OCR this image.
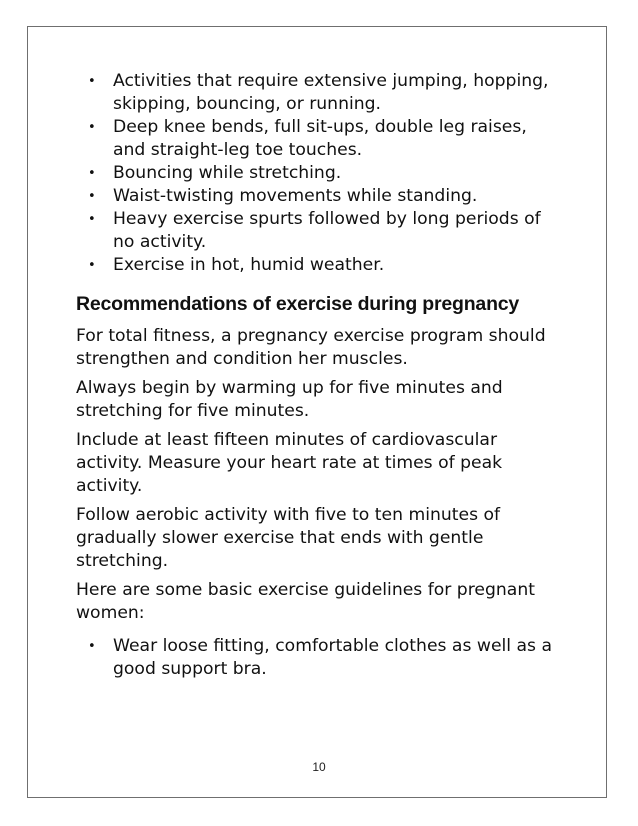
• Activities that require extensive jumping, hopping, skipping, bouncing, or running.
• Deep knee bends, full sit-ups, double leg raises, and straight-leg toe touches.
• Bouncing while stretching.
• Waist-twisting movements while standing.
• Heavy exercise spurts followed by long periods of no activity.
• Exercise in hot, humid weather.
Recommendations of exercise during pregnancy

For total fitness, a pregnancy exercise program should strengthen and condition her muscles.

Always begin by warming up for five minutes and stretching for five minutes.

Include at least fifteen minutes of cardiovascular activity. Measure your heart rate at times of peak activity.

Follow aerobic activity with five to ten minutes of gradually slower exercise that ends with gentle stretching.

Here are some basic exercise guidelines for pregnant women:

• Wear loose fitting, comfortable clothes as well as a good support bra.
10
